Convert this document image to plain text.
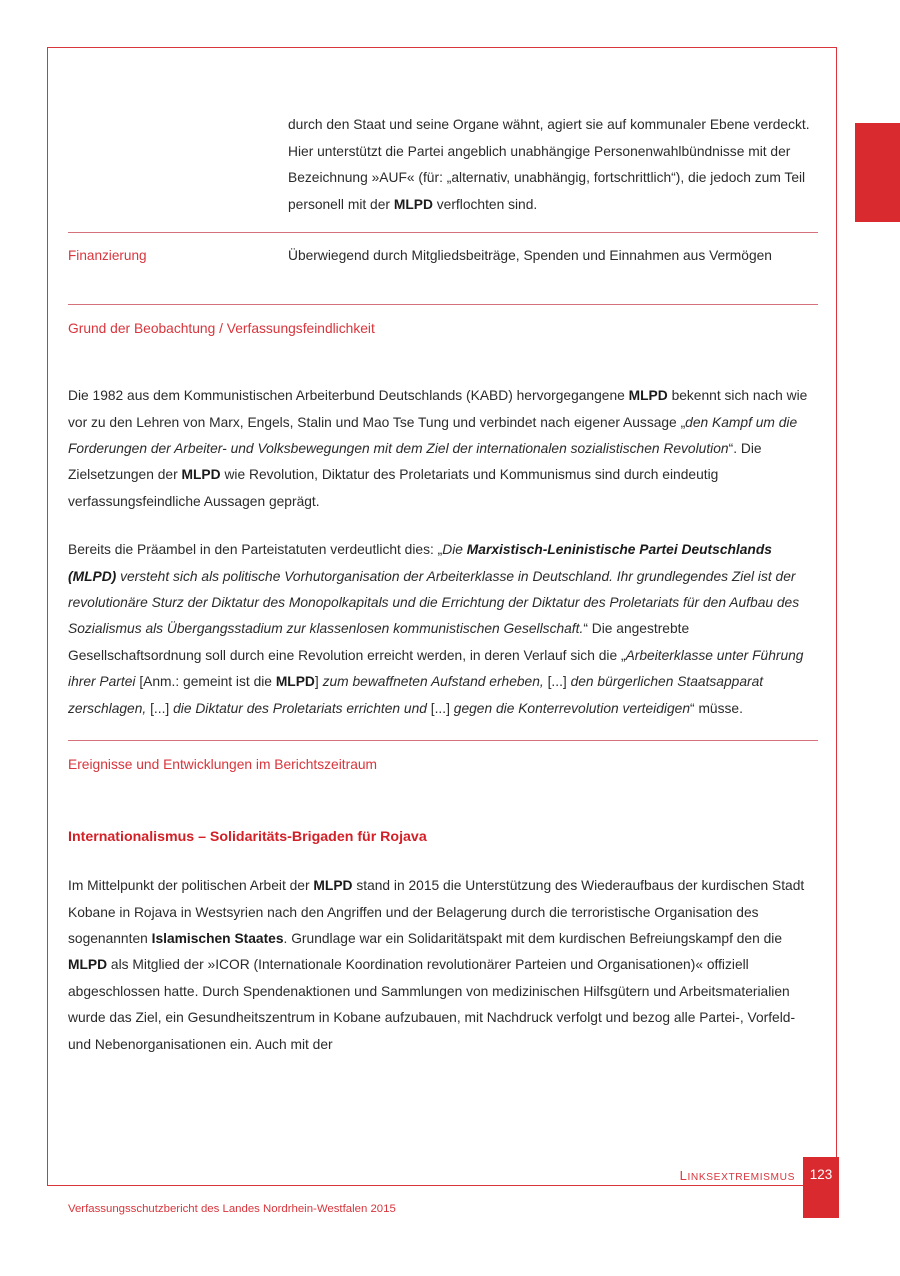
durch den Staat und seine Organe wähnt, agiert sie auf kommunaler Ebene verdeckt. Hier unterstützt die Partei angeblich unabhängige Personenwahlbündnisse mit der Bezeichnung »AUF« (für: „alternativ, unabhängig, fortschrittlich“), die jedoch zum Teil personell mit der MLPD verflochten sind.
Finanzierung	Überwiegend durch Mitgliedsbeiträge, Spenden und Einnahmen aus Vermögen
Grund der Beobachtung / Verfassungsfeindlichkeit

Die 1982 aus dem Kommunistischen Arbeiterbund Deutschlands (KABD) hervorgegangene MLPD bekennt sich nach wie vor zu den Lehren von Marx, Engels, Stalin und Mao Tse Tung und verbindet nach eigener Aussage „den Kampf um die Forderungen der Arbeiter- und Volksbewegungen mit dem Ziel der internationalen sozialistischen Revolution“. Die Zielsetzungen der MLPD wie Revolution, Diktatur des Proletariats und Kommunismus sind durch eindeutig verfassungsfeindliche Aussagen geprägt.

Bereits die Präambel in den Parteistatuten verdeutlicht dies: „Die Marxistisch-Leninistische Partei Deutschlands (MLPD) versteht sich als politische Vorhutorganisation der Arbeiterklasse in Deutschland. Ihr grundlegendes Ziel ist der revolutionäre Sturz der Diktatur des Monopolkapitals und die Errichtung der Diktatur des Proletariats für den Aufbau des Sozialismus als Übergangsstadium zur klassenlosen kommunistischen Gesellschaft.“ Die angestrebte Gesellschaftsordnung soll durch eine Revolution erreicht werden, in deren Verlauf sich die „Arbeiterklasse unter Führung ihrer Partei [Anm.: gemeint ist die MLPD] zum bewaffneten Aufstand erheben, [...] den bürgerlichen Staatsapparat zerschlagen, [...] die Diktatur des Proletariats errichten und [...] gegen die Konterrevolution verteidigen“ müsse.

Ereignisse und Entwicklungen im Berichtszeitraum
Internationalismus – Solidaritäts-Brigaden für Rojava

Im Mittelpunkt der politischen Arbeit der MLPD stand in 2015 die Unterstützung des Wiederaufbaus der kurdischen Stadt Kobane in Rojava in Westsyrien nach den Angriffen und der Belagerung durch die terroristische Organisation des sogenannten Islamischen Staates. Grundlage war ein Solidaritätspakt mit dem kurdischen Befreiungskampf den die MLPD als Mitglied der »ICOR (Internationale Koordination revolutionärer Parteien und Organisationen)« offiziell abgeschlossen hatte. Durch Spendenaktionen und Sammlungen von medizinischen Hilfsgütern und Arbeitsmaterialien wurde das Ziel, ein Gesundheitszentrum in Kobane aufzubauen, mit Nachdruck verfolgt und bezog alle Partei-, Vorfeld- und Nebenorganisationen ein. Auch mit der

LINKSEXTREMISMUS	123
Verfassungsschutzbericht des Landes Nordrhein-Westfalen 2015
